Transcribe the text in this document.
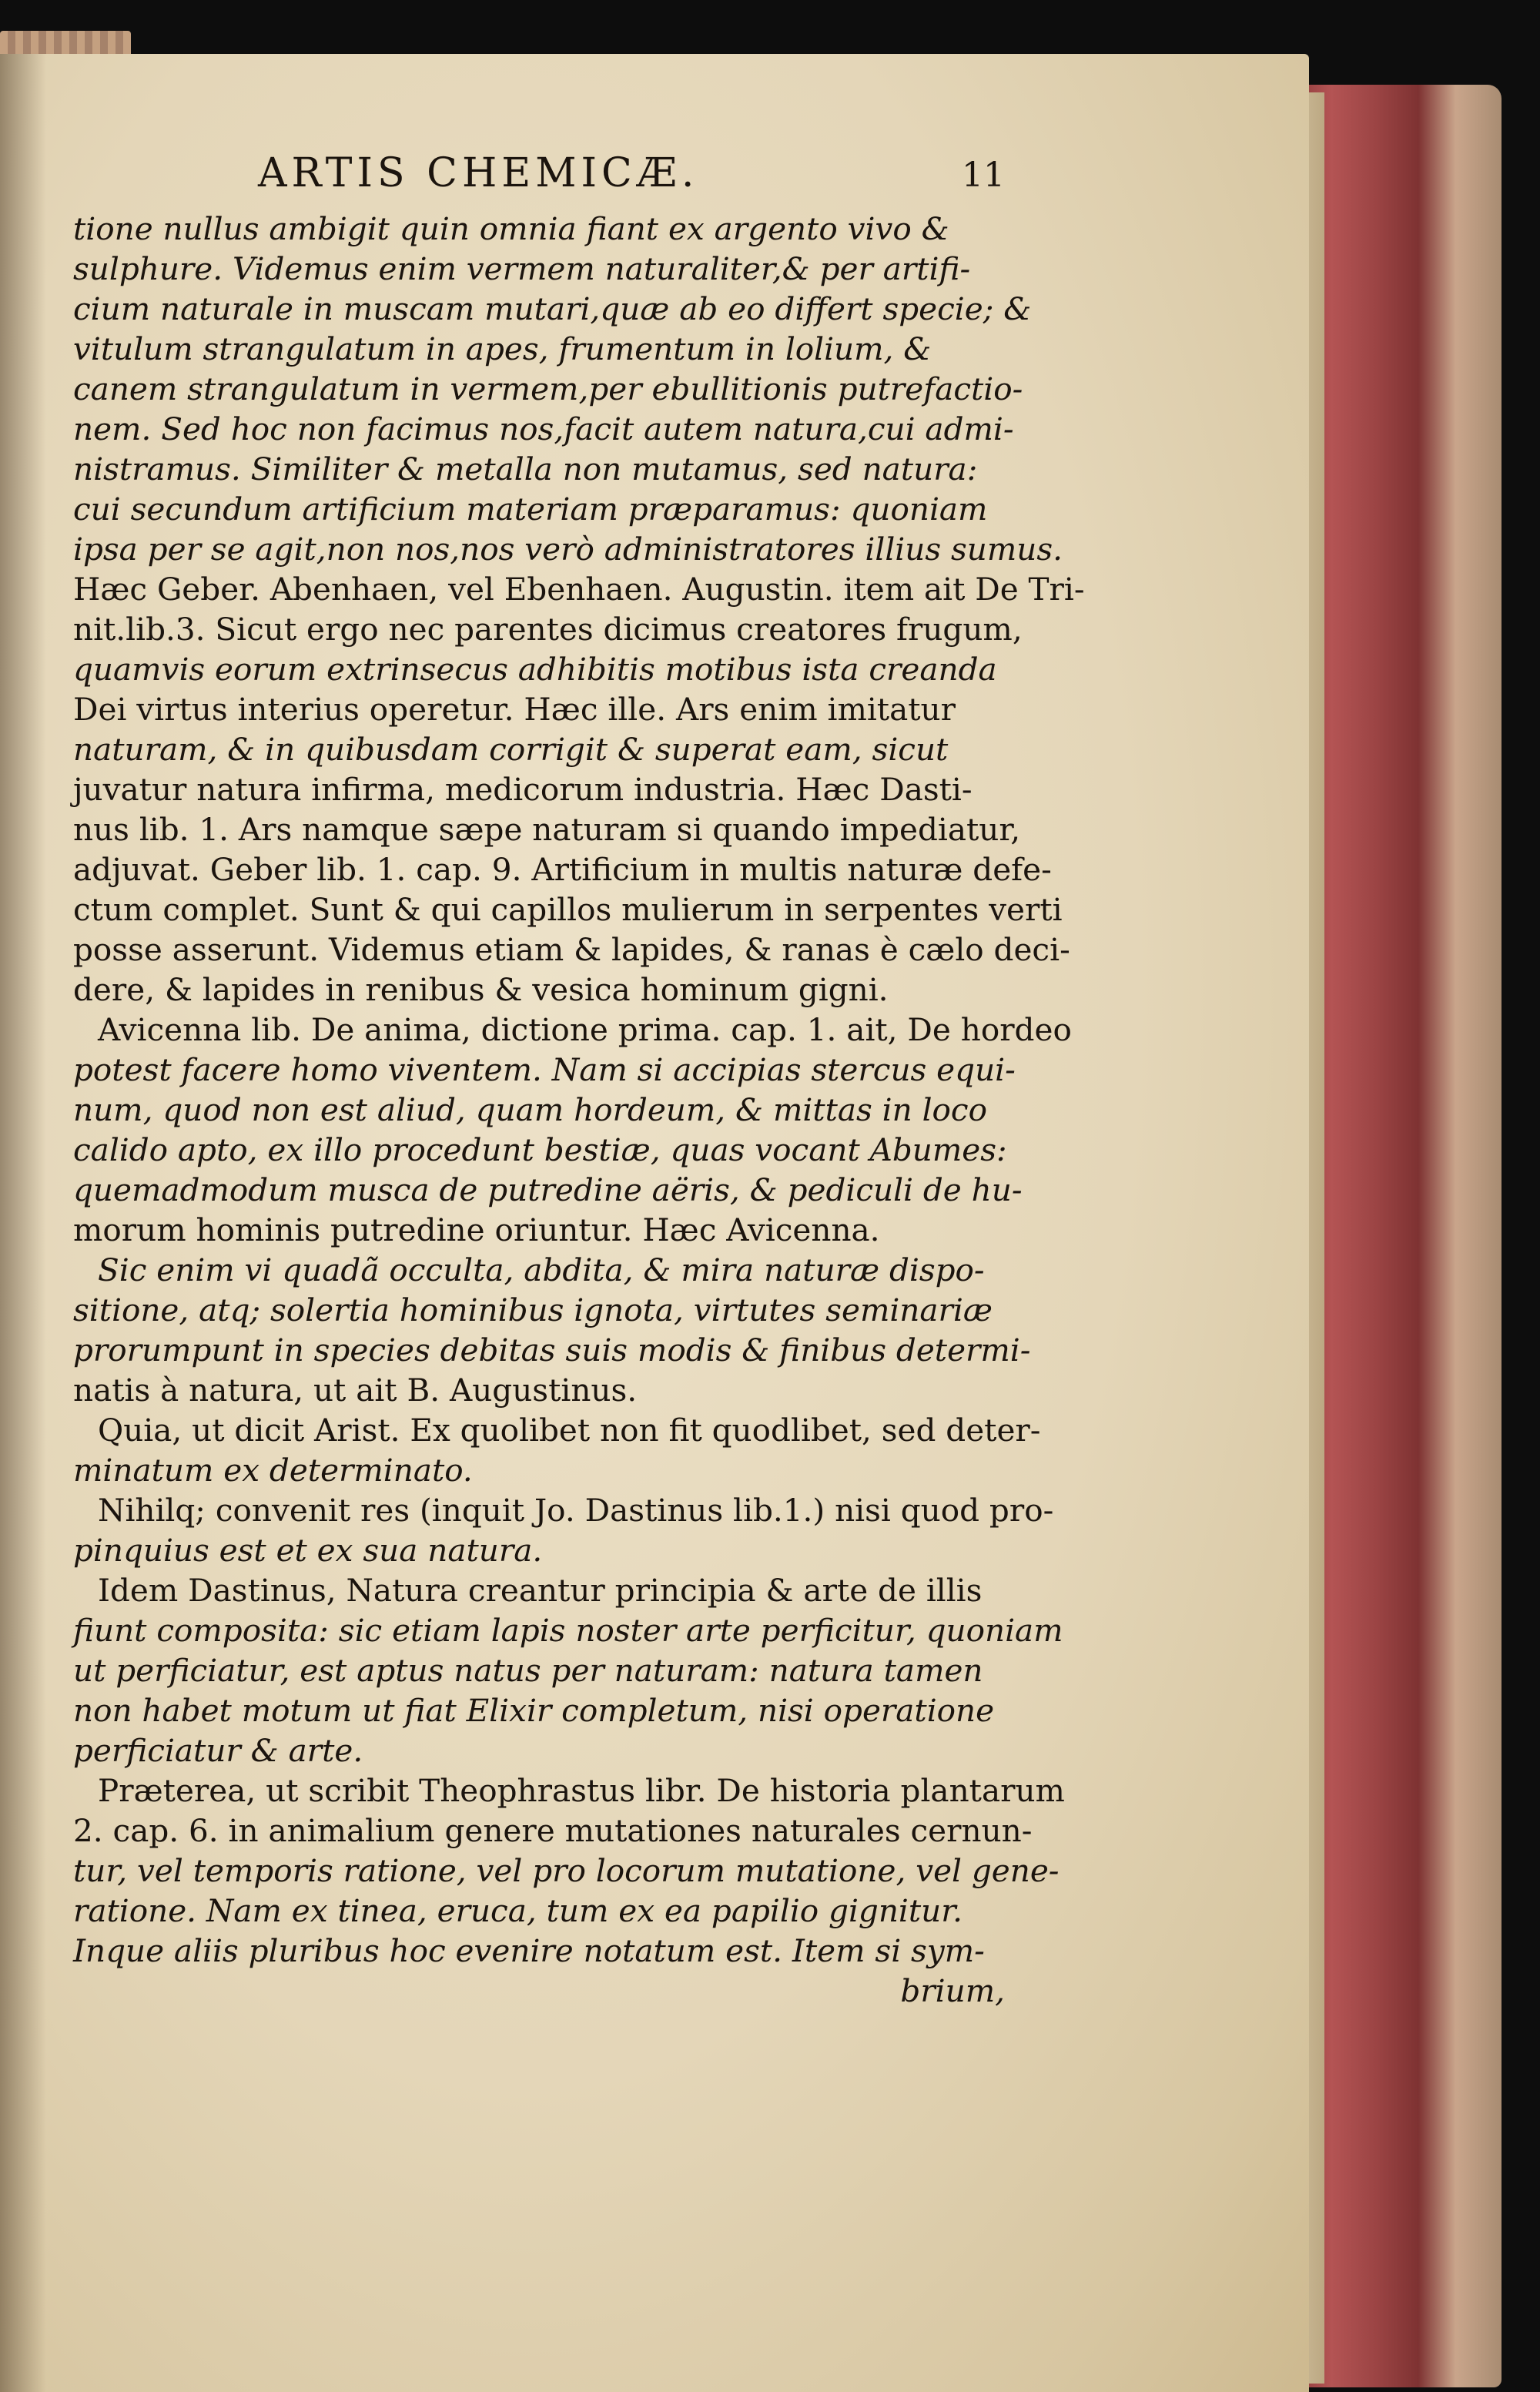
ARTIS CHEMICÆ.	11
tione nullus ambigit quin omnia fiant ex argento vivo &
sulphure. Videmus enim vermem naturaliter,& per artifi-
cium naturale in muscam mutari,quæ ab eo differt specie; &
vitulum strangulatum in apes, frumentum in lolium, &
canem strangulatum in vermem,per ebullitionis putrefactio-
nem. Sed hoc non facimus nos,facit autem natura,cui admi-
nistramus. Similiter & metalla non mutamus, sed natura:
cui secundum artificium materiam præparamus: quoniam
ipsa per se agit,non nos,nos verò administratores illius sumus.
Hæc Geber. Abenhaen, vel Ebenhaen. Augustin. item ait De Tri-
nit.lib.3. Sicut ergo nec parentes dicimus creatores frugum,
quamvis eorum extrinsecus adhibitis motibus ista creanda
Dei virtus interius operetur. Hæc ille. Ars enim imitatur
naturam, & in quibusdam corrigit & superat eam, sicut
juvatur natura infirma, medicorum industria. Hæc Dasti-
nus lib. 1. Ars namque sæpe naturam si quando impediatur,
adjuvat. Geber lib. 1. cap. 9. Artificium in multis naturæ defe-
ctum complet. Sunt & qui capillos mulierum in serpentes verti
posse asserunt. Videmus etiam & lapides, & ranas è cælo deci-
dere, & lapides in renibus & vesica hominum gigni.
Avicenna lib. De anima, dictione prima. cap. 1. ait, De hordeo
potest facere homo viventem. Nam si accipias stercus equi-
num, quod non est aliud, quam hordeum, & mittas in loco
calido apto, ex illo procedunt bestiæ, quas vocant Abumes:
quemadmodum musca de putredine aëris, & pediculi de hu-
morum hominis putredine oriuntur. Hæc Avicenna.
Sic enim vi quadã occulta, abdita, & mira naturæ dispo-
sitione, atq; solertia hominibus ignota, virtutes seminariæ
prorumpunt in species debitas suis modis & finibus determi-
natis à natura, ut ait B. Augustinus.
Quia, ut dicit Arist. Ex quolibet non fit quodlibet, sed deter-
minatum ex determinato.
Nihilq; convenit res (inquit Jo. Dastinus lib.1.) nisi quod pro-
pinquius est et ex sua natura.
Idem Dastinus, Natura creantur principia & arte de illis
fiunt composita: sic etiam lapis noster arte perficitur, quoniam
ut perficiatur, est aptus natus per naturam: natura tamen
non habet motum ut fiat Elixir completum, nisi operatione
perficiatur & arte.
Præterea, ut scribit Theophrastus libr. De historia plantarum
2. cap. 6. in animalium genere mutationes naturales cernun-
tur, vel temporis ratione, vel pro locorum mutatione, vel gene-
ratione. Nam ex tinea, eruca, tum ex ea papilio gignitur.
Inque aliis pluribus hoc evenire notatum est. Item si sym-
brium,
